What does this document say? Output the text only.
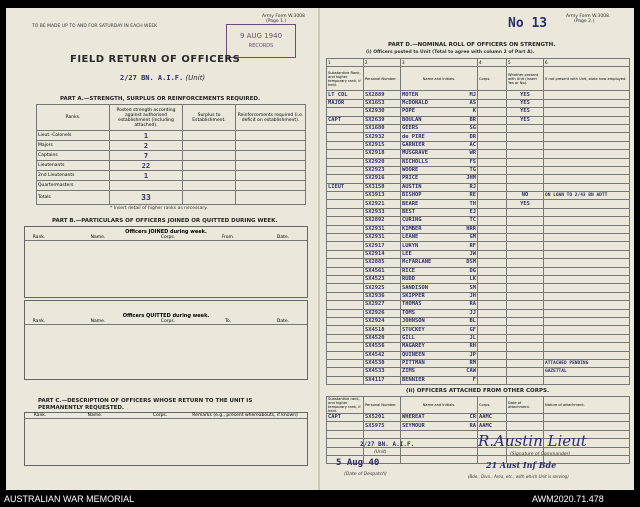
TO BE MADE UP TO AND FOR SATURDAY IN EACH WEEK
Army Form W.3008
(Page 1.)
9 AUG 1940
RECORDS
FIELD RETURN OF OFFICERS
2/27 BN. A.I.F. (Unit)
PART A.—STRENGTH, SURPLUS OR REINFORCEMENTS REQUIRED.
Ranks.	Posted strength according against authorised establishment (including attached).	Surplus to Establishment.	Reinforcements required (i.e. deficit on establishment).
Lieut.-Colonels	1		
Majors	2		
Captains	7		
Lieutenants	22		
2nd Lieutenants	1		
Quartermasters			
Totals	33		
* Insert detail of higher ranks as necessary.
PART B.—PARTICULARS OF OFFICERS JOINED OR QUITTED DURING WEEK.
Officers JOINED during week.
Rank.	Name.	Corps.	From.	Date.
Officers QUITTED during week.
Rank.	Name.	Corps.	To.	Date.
PART C.—DESCRIPTION OF OFFICERS WHOSE RETURN TO THE UNIT IS PERMANENTLY REQUESTED.
Rank.	Name.	Corps.	Remarks (e.g., present whereabouts, if known)
No 13	Army Form W.3008.
(Page 2.)
PART D.—NOMINAL ROLL OF OFFICERS ON STRENGTH.
(i) Officers posted to Unit (Total to agree with column 2 of Part A).
1	2	3	4	5	6
Substantive Rank, and higher temporary rank, if held.	Personal Number.	Name and Initials.	Corps.	Whether present with Unit (insert Yes or No).	If not present with Unit, state how employed.
LT COL	SX2889	MOTEN MJ		YES	
MAJOR	SX1653	McDONALD AS		YES	
	SX2930	POPE K		YES	
CAPT	SX2639	BOULAN BR		YES	
	SX1680	GEERS SG			

	SX2932	de PIRE DR			

	SX2915	GARNIER AC			

	SX2918	MUSGRAVE WR			

	SX2920	NICHOLLS FS			

	SX2923	WOORE TG			

	SX2916	PRICE JHM			

LIEUT	SX3158	AUSTIN RJ			

	SX3913	BISHOP RE		NO	ON LOAN TO 2/43 BN ADTT
	SX2921	BEARE TH		YES	
	SX2933	BEST EJ			

	SX2892	CURING TC			

	SX2931	KIMBER HRR			

	SX2931	LEANE GM			

	SX2917	LUKYN RF			

	SX2914	LEE JW			

	SX2885	McFARLANE DSM			

	SX4561	RICE DG			

	SX4523	RUDD LK			

	SX2925	SANDISON SM			

	SX2936	SKIPPER JH			

	SX2927	THOMAS RA			

	SX2926	TOMS JJ			

	SX2924	JOHNSON BL			

	SX4518	STUCKEY GF			

	SX4520	GILL JL			

	SX4556	MAGAREY RH			

	SX4542	QUINEEN JP			

	SX4530	PITTMAN RM			ATTACHED PENDING
	SX4533	ZIMS CAW			GAZETTAL
	SX4117	BENNIER F			

(ii) OFFICERS ATTACHED FROM OTHER CORPS.
Substantive rank, and higher temporary rank, if held.	Personal Number.	Name and Initials.	Corps.	Date of attachment.	Nature of attachment.
CAPT	SX5201	WHEREAT CR	AAMC		
	SX5975	SEYMOUR RA	AAMC		

2/27 BN. A.I.F.
(Unit)
5 Aug 40
(Date of Despatch)
R.Austin Lieut
(Signature of Commander)
21 Aust Inf Bde
(Bde., Divn., Area, etc., with which Unit is serving)
AUSTRALIAN WAR MEMORIAL	AWM2020.71.478
